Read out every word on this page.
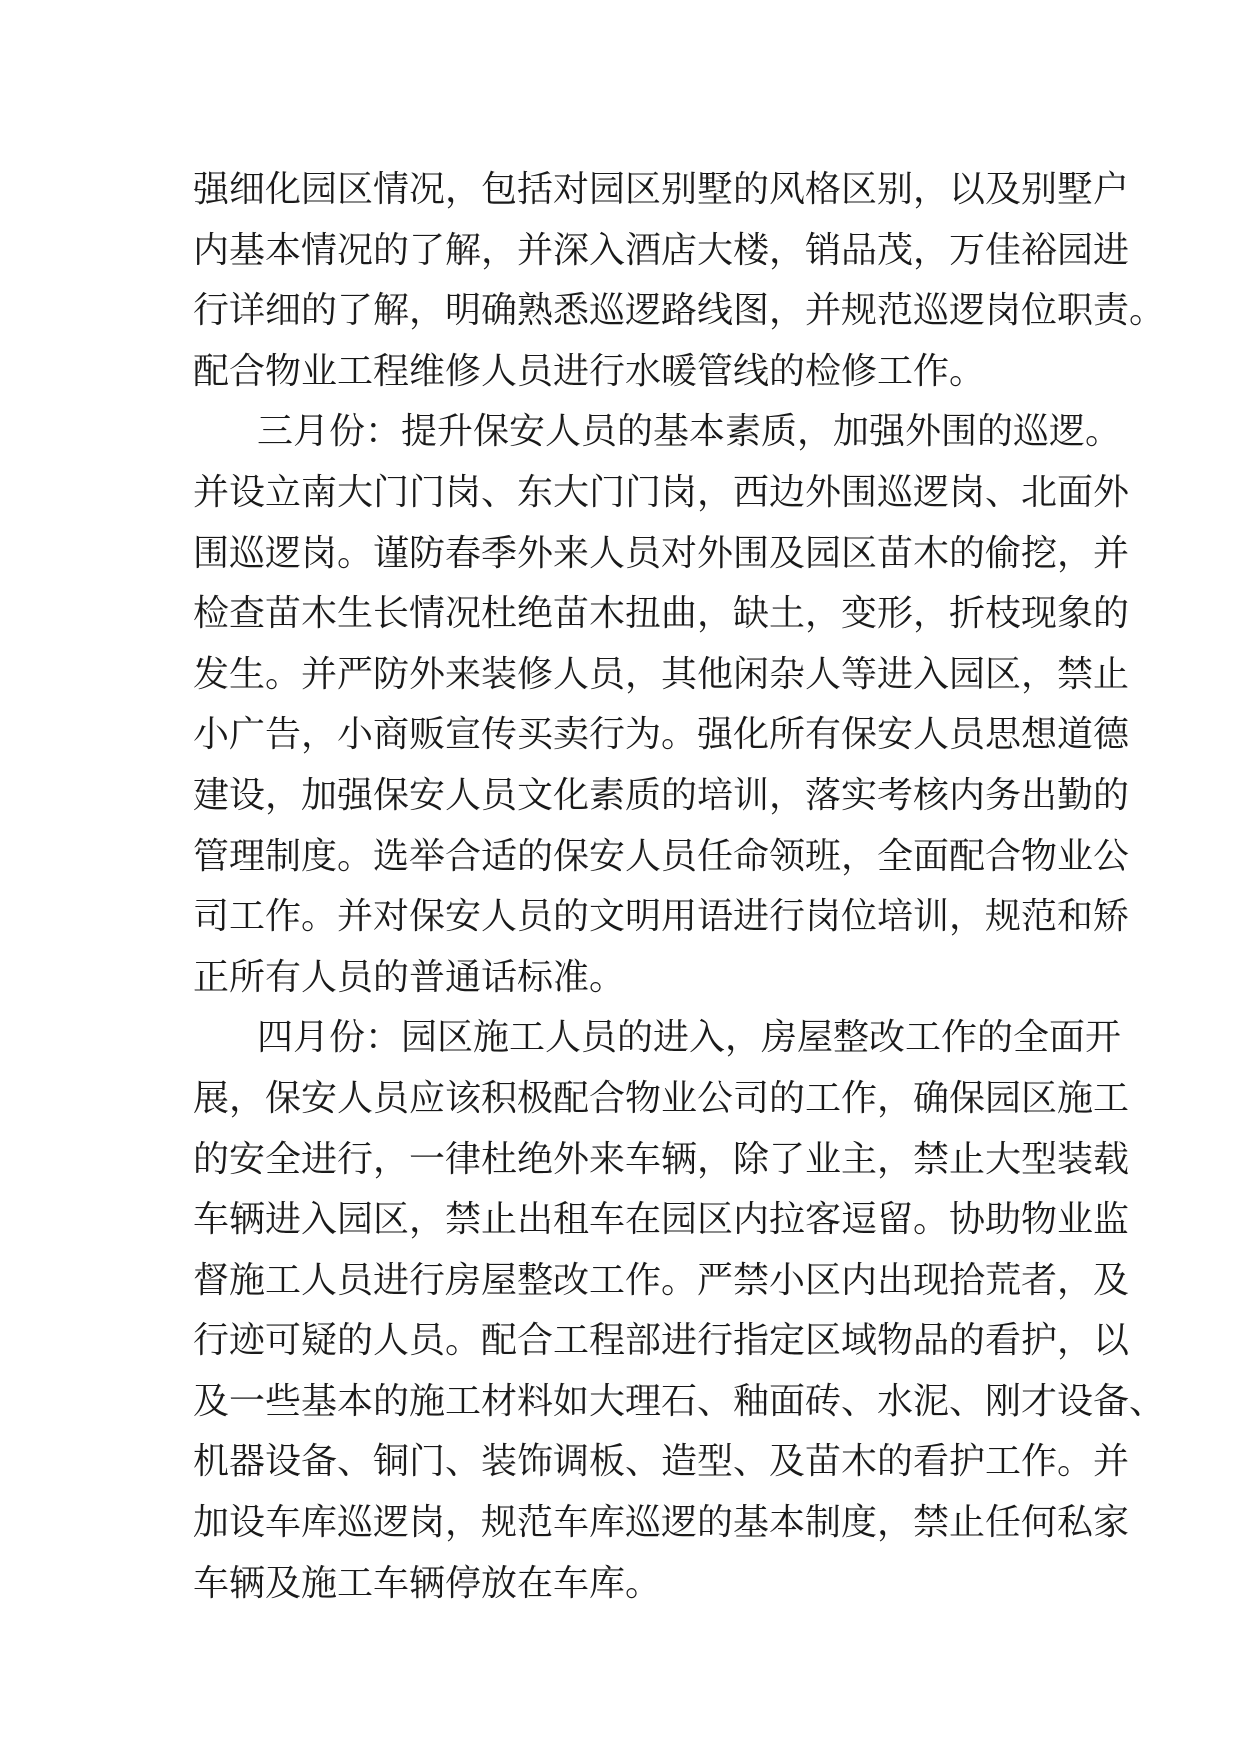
强细化园区情况，包括对园区别墅的风格区别，以及别墅户
内基本情况的了解，并深入酒店大楼，销品茂，万佳裕园进
行详细的了解，明确熟悉巡逻路线图，并规范巡逻岗位职责。
配合物业工程维修人员进行水暖管线的检修工作。
三月份：提升保安人员的基本素质，加强外围的巡逻。
并设立南大门门岗、东大门门岗，西边外围巡逻岗、北面外
围巡逻岗。谨防春季外来人员对外围及园区苗木的偷挖，并
检查苗木生长情况杜绝苗木扭曲，缺土，变形，折枝现象的
发生。并严防外来装修人员，其他闲杂人等进入园区，禁止
小广告，小商贩宣传买卖行为。强化所有保安人员思想道德
建设，加强保安人员文化素质的培训，落实考核内务出勤的
管理制度。选举合适的保安人员任命领班，全面配合物业公
司工作。并对保安人员的文明用语进行岗位培训，规范和矫
正所有人员的普通话标准。
四月份：园区施工人员的进入，房屋整改工作的全面开
展，保安人员应该积极配合物业公司的工作，确保园区施工
的安全进行，一律杜绝外来车辆，除了业主，禁止大型装载
车辆进入园区，禁止出租车在园区内拉客逗留。协助物业监
督施工人员进行房屋整改工作。严禁小区内出现拾荒者，及
行迹可疑的人员。配合工程部进行指定区域物品的看护，以
及一些基本的施工材料如大理石、釉面砖、水泥、刚才设备、
机器设备、铜门、装饰调板、造型、及苗木的看护工作。并
加设车库巡逻岗，规范车库巡逻的基本制度，禁止任何私家
车辆及施工车辆停放在车库。
